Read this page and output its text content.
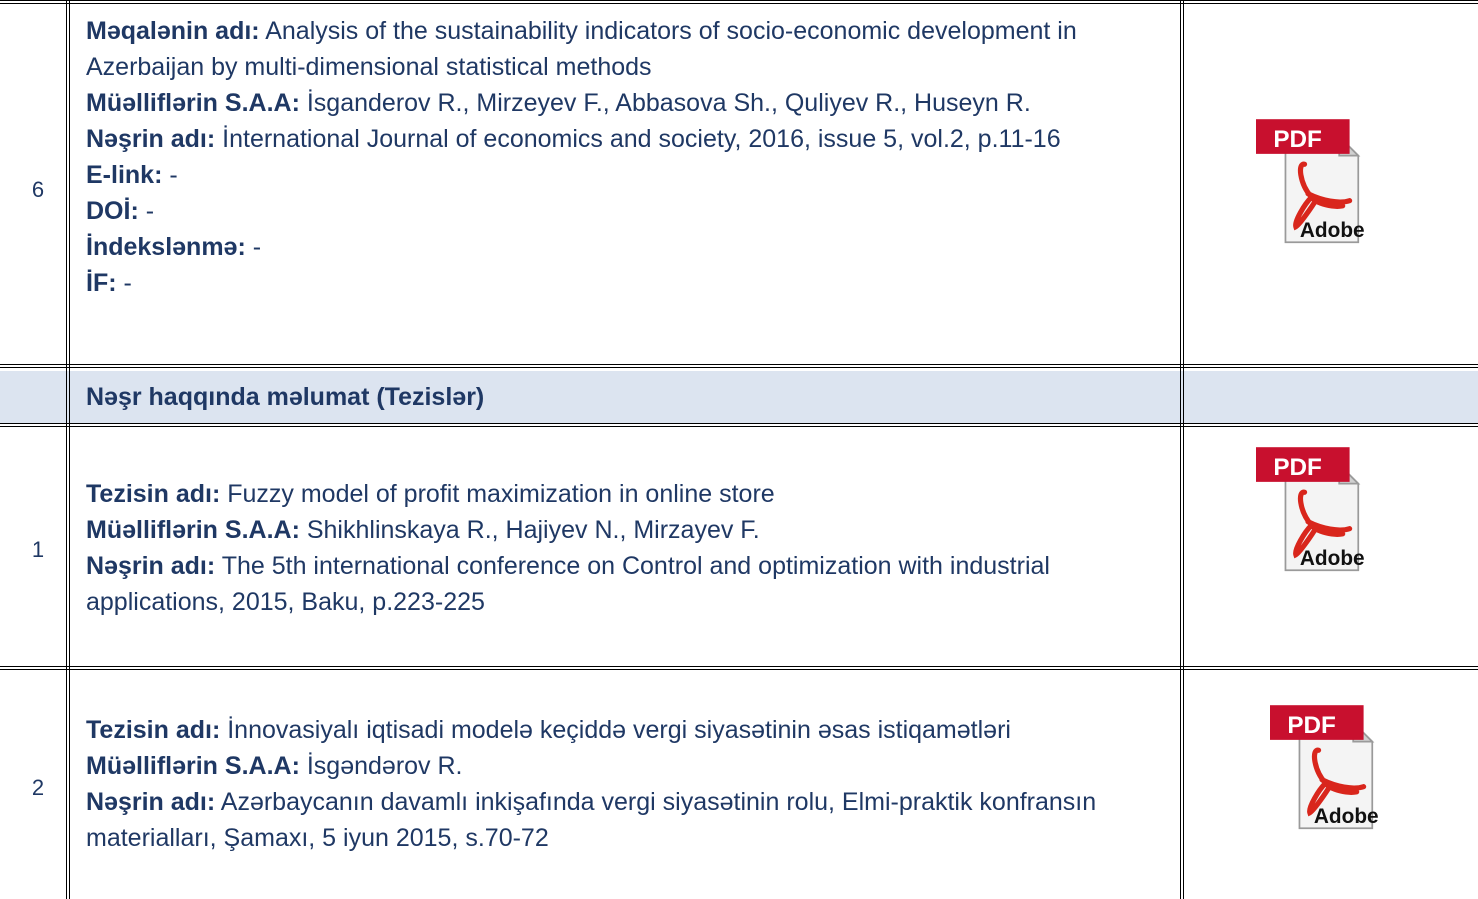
6
Məqalənin adı: Analysis of the sustainability indicators of socio-economic development in Azerbaijan by multi-dimensional statistical methods
Müəlliflərin S.A.A: İsganderov R., Mirzeyev F., Abbasova Sh., Quliyev R., Huseyn R.
Nəşrin adı: İnternational Journal of economics and society, 2016, issue 5, vol.2, p.11-16
E-link: -
DOİ: -
İndekslənmə: -
İF: -
Nəşr haqqında məlumat (Tezislər)
1
Tezisin adı: Fuzzy model of profit maximization in online store
Müəlliflərin S.A.A: Shikhlinskaya R., Hajiyev N., Mirzayev F.
Nəşrin adı: The 5th international conference on Control and optimization with industrial applications, 2015, Baku, p.223-225
2
Tezisin adı: İnnovasiyalı iqtisadi modelə keçiddə vergi siyasətinin əsas istiqamətləri
Müəlliflərin S.A.A: İsgəndərov R.
Nəşrin adı: Azərbaycanın davamlı inkişafında vergi siyasətinin rolu, Elmi-praktik konfransın materialları, Şamaxı, 5 iyun 2015, s.70-72
PDF
Adobe
PDF
Adobe
PDF
Adobe
